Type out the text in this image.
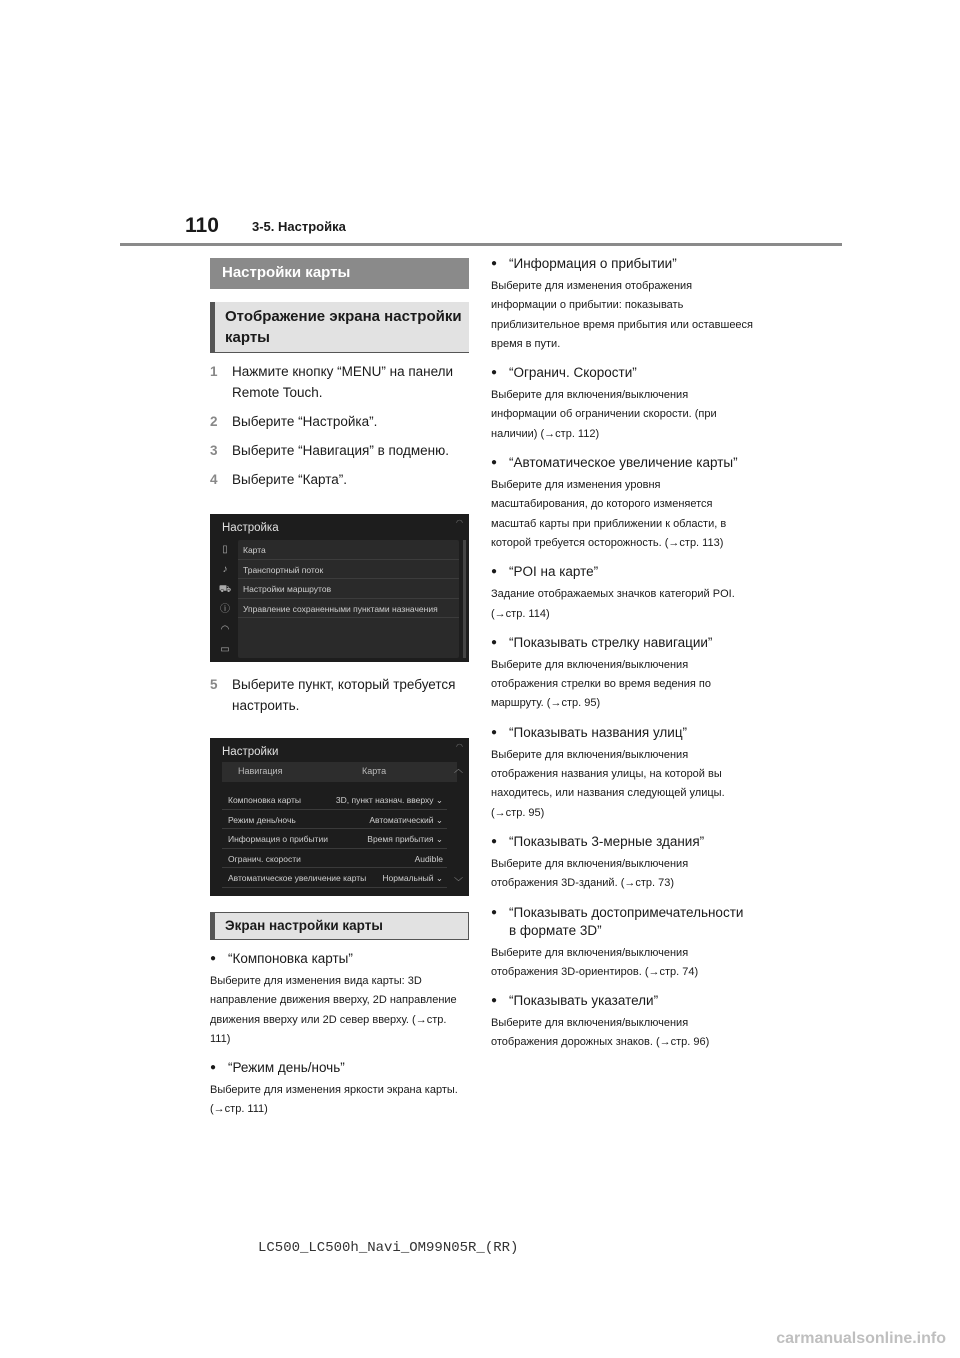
110	3-5. Настройка
Настройки карты
Отображение экрана настройки карты
1	Нажмите кнопку “MENU” на панели Remote Touch.
2	Выберите “Настройка”.
3	Выберите “Навигация” в подменю.
4	Выберите “Карта”.
Настройка	◠
▯
♪
⛟
ⓘ
◠
▭
Карта
Транспортный поток
Настройки маршрутов
Управление сохраненными пунктами назначения
5	Выберите пункт, который требуется настроить.
Настройки	◠
Навигация	Карта
Компоновка карты	3D, пункт назнач. вверху ⌄
Режим день/ночь	Автоматический ⌄
Информация о прибытии	Время прибытия ⌄
Огранич. скорости	Audible
Автоматическое увеличение карты Нормальный ⌄
︿
﹀
Экран настройки карты
● “Компоновка карты”
Выберите для изменения вида карты: 3D направление движения вверху, 2D направление движения вверху или 2D север вверху. (→стр. 111)
● “Режим день/ночь”
Выберите для изменения яркости экрана карты. (→стр. 111)
● “Информация о прибытии”
Выберите для изменения отображения информации о прибытии: показывать приблизительное время прибытия или оставшееся время в пути.
● “Огранич. Скорости”
Выберите для включения/выключения информации об ограничении скорости. (при наличии) (→стр. 112)
● “Автоматическое увеличение карты”
Выберите для изменения уровня масштабирования, до которого изменяется масштаб карты при приближении к области, в которой требуется осторожность. (→стр. 113)
● “POI на карте”
Задание отображаемых значков категорий POI. (→стр. 114)
● “Показывать стрелку навигации”
Выберите для включения/выключения отображения стрелки во время ведения по маршруту. (→стр. 95)
● “Показывать названия улиц”
Выберите для включения/выключения отображения названия улицы, на которой вы находитесь, или названия следующей улицы. (→стр. 95)
● “Показывать 3-мерные здания”
Выберите для включения/выключения отображения 3D-зданий. (→стр. 73)
● “Показывать достопримечательности в формате 3D”
Выберите для включения/выключения отображения 3D-ориентиров. (→стр. 74)
● “Показывать указатели”
Выберите для включения/выключения отображения дорожных знаков. (→стр. 96)
LC500_LC500h_Navi_OM99N05R_(RR)
carmanualsonline.info
